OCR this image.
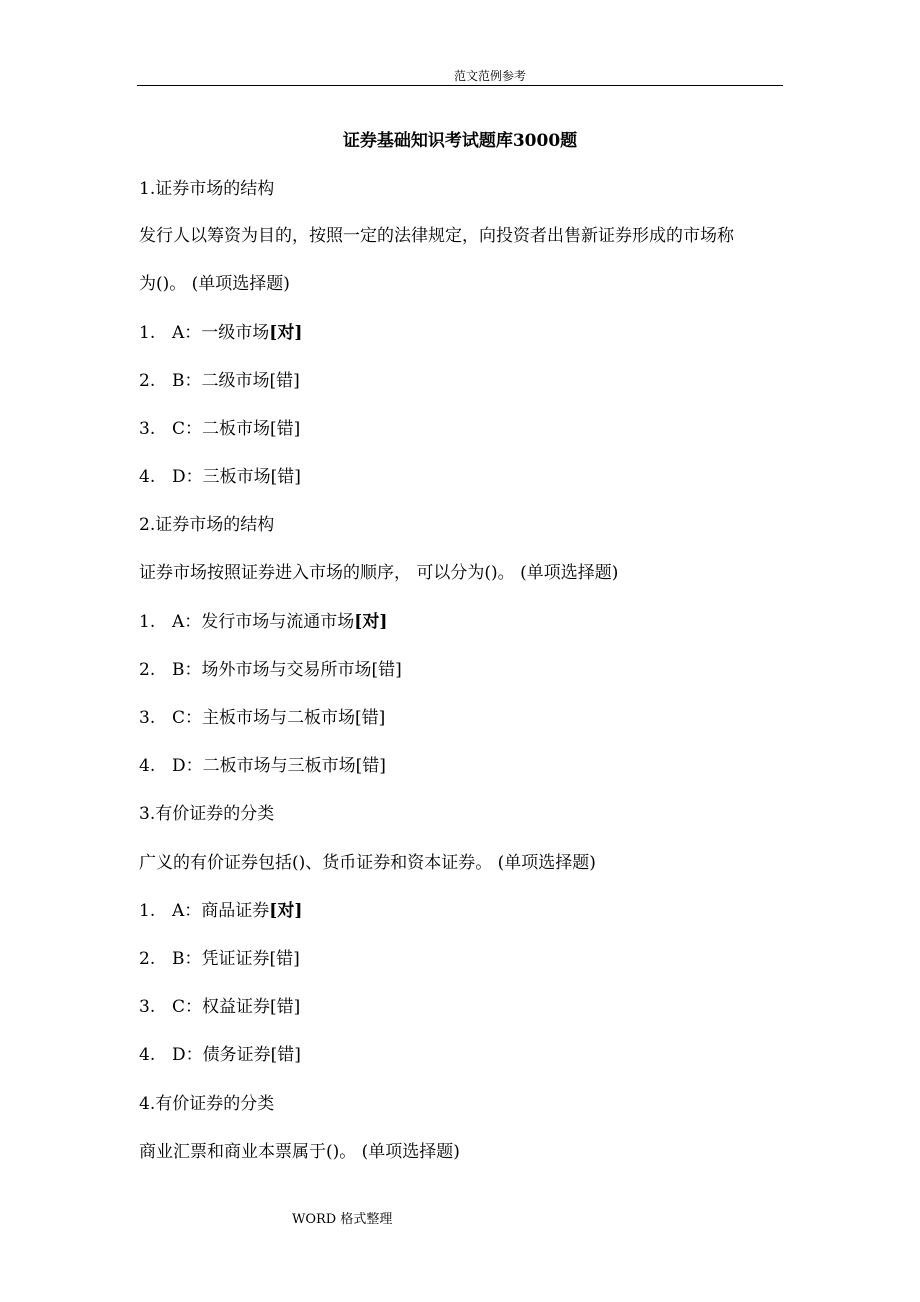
范文范例参考
证券基础知识考试题库3000题
1.证券市场的结构
发行人以筹资为目的，按照一定的法律规定，向投资者出售新证券形成的市场称
为()。 (单项选择题)
1. A：一级市场[对]
2. B：二级市场[错]
3. C：二板市场[错]
4. D：三板市场[错]
2.证券市场的结构
证券市场按照证券进入市场的顺序， 可以分为()。 (单项选择题)
1. A：发行市场与流通市场[对]
2. B：场外市场与交易所市场[错]
3. C：主板市场与二板市场[错]
4. D：二板市场与三板市场[错]
3.有价证券的分类
广义的有价证券包括()、货币证券和资本证券。 (单项选择题)
1. A：商品证券[对]
2. B：凭证证券[错]
3. C：权益证券[错]
4. D：债务证券[错]
4.有价证券的分类
商业汇票和商业本票属于()。 (单项选择题)
WORD 格式整理
